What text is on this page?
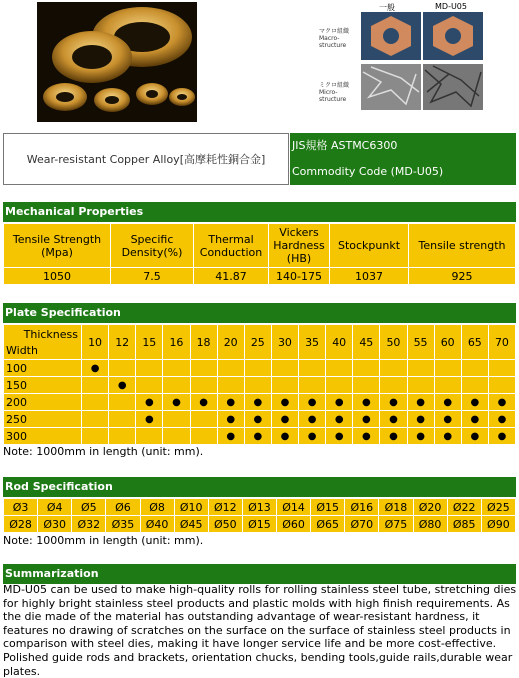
一般	MD-U05
マクロ組織 Macro-structure
ミクロ組織 Micro-structure
Wear-resistant Copper Alloy[高摩耗性銅合金]
JIS規格 ASTMC6300
Commodity Code (MD-U05)
Mechanical Properties
Tensile Strength (Mpa)	Specific Density(%)	Thermal Conduction	Vickers Hardness (HB)	Stockpunkt	Tensile strength
1050	7.5	41.87	140-175	1037	925
Plate Specification
Thickness
Width	10	12	15	16	18	20	25	30	35	40	45	50	55	60	65	70
100	●															
150		●														
200			●	●	●	●	●	●	●	●	●	●	●	●	●	●
250			●			●	●	●	●	●	●	●	●	●	●	●
300						●	●	●	●	●	●	●	●	●	●	●
Note: 1000mm in length (unit: mm).
Rod Specification
Ø3	Ø4	Ø5	Ø6	Ø8	Ø10	Ø12	Ø13	Ø14	Ø15	Ø16	Ø18	Ø20	Ø22	Ø25
Ø28	Ø30	Ø32	Ø35	Ø40	Ø45	Ø50	Ø15	Ø60	Ø65	Ø70	Ø75	Ø80	Ø85	Ø90
Note: 1000mm in length (unit: mm).
Summarization
MD-U05 can be used to make high-quality rolls for rolling stainless steel tube, stretching dies for highly bright stainless steel products and plastic molds with high finish requirements. As the die made of the material has outstanding advantage of wear-resistant hardness, it features no drawing of scratches on the surface on the surface of stainless steel products in comparison with steel dies, making it have longer service life and be more cost-effective. Polished guide rods and brackets, orientation chucks, bending tools,guide rails,durable wear plates.
